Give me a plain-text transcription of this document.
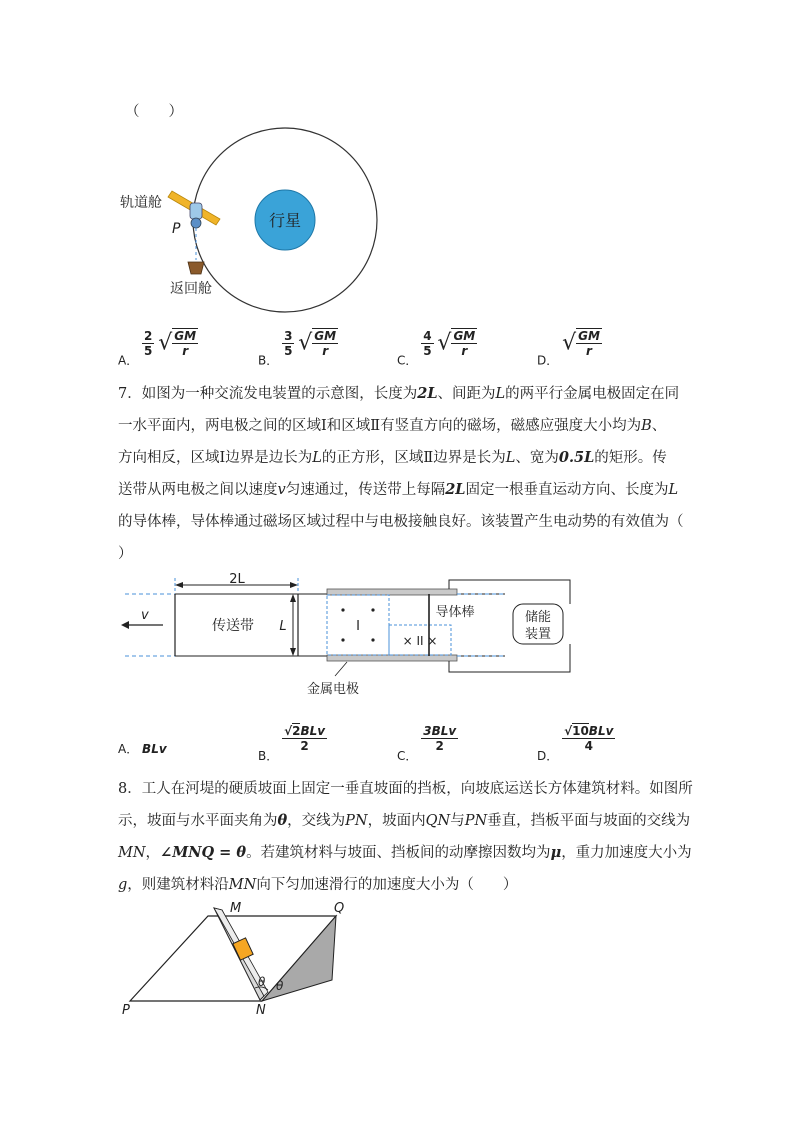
（　　）
行星
轨道舱
P
返回舱
A．
$\frac{2}{5}$ √ $\frac{GM}{r}$
B．
$\frac{3}{5}$ √ $\frac{GM}{r}$
C．
$\frac{4}{5}$ √ $\frac{GM}{r}$
D． √ $\frac{GM}{r}$
7．如图为一种交流发电装置的示意图，长度为2L、间距为L的两平行金属电极固定在同
一水平面内，两电极之间的区域Ⅰ和区域Ⅱ有竖直方向的磁场，磁感应强度大小均为B、
方向相反，区域Ⅰ边界是边长为L的正方形，区域Ⅱ边界是长为L、宽为0.5L的矩形。传
送带从两电极之间以速度v匀速通过，传送带上每隔2L固定一根垂直运动方向、长度为L
的导体棒，导体棒通过磁场区域过程中与电极接触良好。该装置产生电动势的有效值为（
）
v
传送带
2L
L	I
× II ×
导体棒	储能
装置
金属电极
A． BLv	B．
$\frac{\text{√2BLv}}{2}$
C．
$\frac{\text{3BLv}}{2}$
D．
$\frac{\text{√10BLv}}{4}$
8．工人在河堤的硬质坡面上固定一垂直坡面的挡板，向坡底运送长方体建筑材料。如图所
示，坡面与水平面夹角为θ，交线为PN，坡面内QN与PN垂直，挡板平面与坡面的交线为
MN，∠MNQ = θ。若建筑材料与坡面、挡板间的动摩擦因数均为μ，重力加速度大小为
g，则建筑材料沿MN向下匀加速滑行的加速度大小为（　　）
θ θ
M	Q
P	N
